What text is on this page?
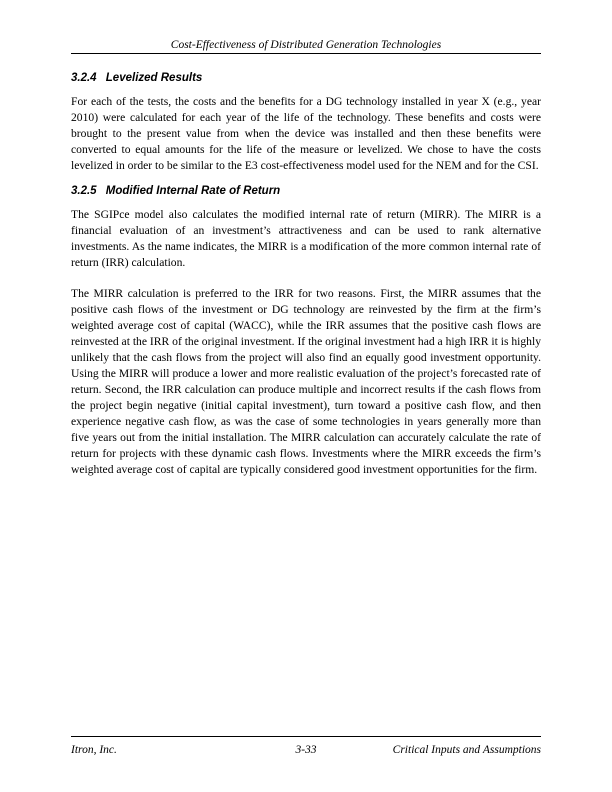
Cost-Effectiveness of Distributed Generation Technologies
3.2.4 Levelized Results

For each of the tests, the costs and the benefits for a DG technology installed in year X (e.g., year 2010) were calculated for each year of the life of the technology. These benefits and costs were brought to the present value from when the device was installed and then these benefits were converted to equal amounts for the life of the measure or levelized. We chose to have the costs levelized in order to be similar to the E3 cost-effectiveness model used for the NEM and for the CSI.

3.2.5 Modified Internal Rate of Return

The SGIPce model also calculates the modified internal rate of return (MIRR). The MIRR is a financial evaluation of an investment’s attractiveness and can be used to rank alternative investments. As the name indicates, the MIRR is a modification of the more common internal rate of return (IRR) calculation.

The MIRR calculation is preferred to the IRR for two reasons. First, the MIRR assumes that the positive cash flows of the investment or DG technology are reinvested by the firm at the firm’s weighted average cost of capital (WACC), while the IRR assumes that the positive cash flows are reinvested at the IRR of the original investment. If the original investment had a high IRR it is highly unlikely that the cash flows from the project will also find an equally good investment opportunity. Using the MIRR will produce a lower and more realistic evaluation of the project’s forecasted rate of return. Second, the IRR calculation can produce multiple and incorrect results if the cash flows from the project begin negative (initial capital investment), turn toward a positive cash flow, and then experience negative cash flow, as was the case of some technologies in years generally more than five years out from the initial installation. The MIRR calculation can accurately calculate the rate of return for projects with these dynamic cash flows. Investments where the MIRR exceeds the firm’s weighted average cost of capital are typically considered good investment opportunities for the firm.

Itron, Inc.	3-33	Critical Inputs and Assumptions
